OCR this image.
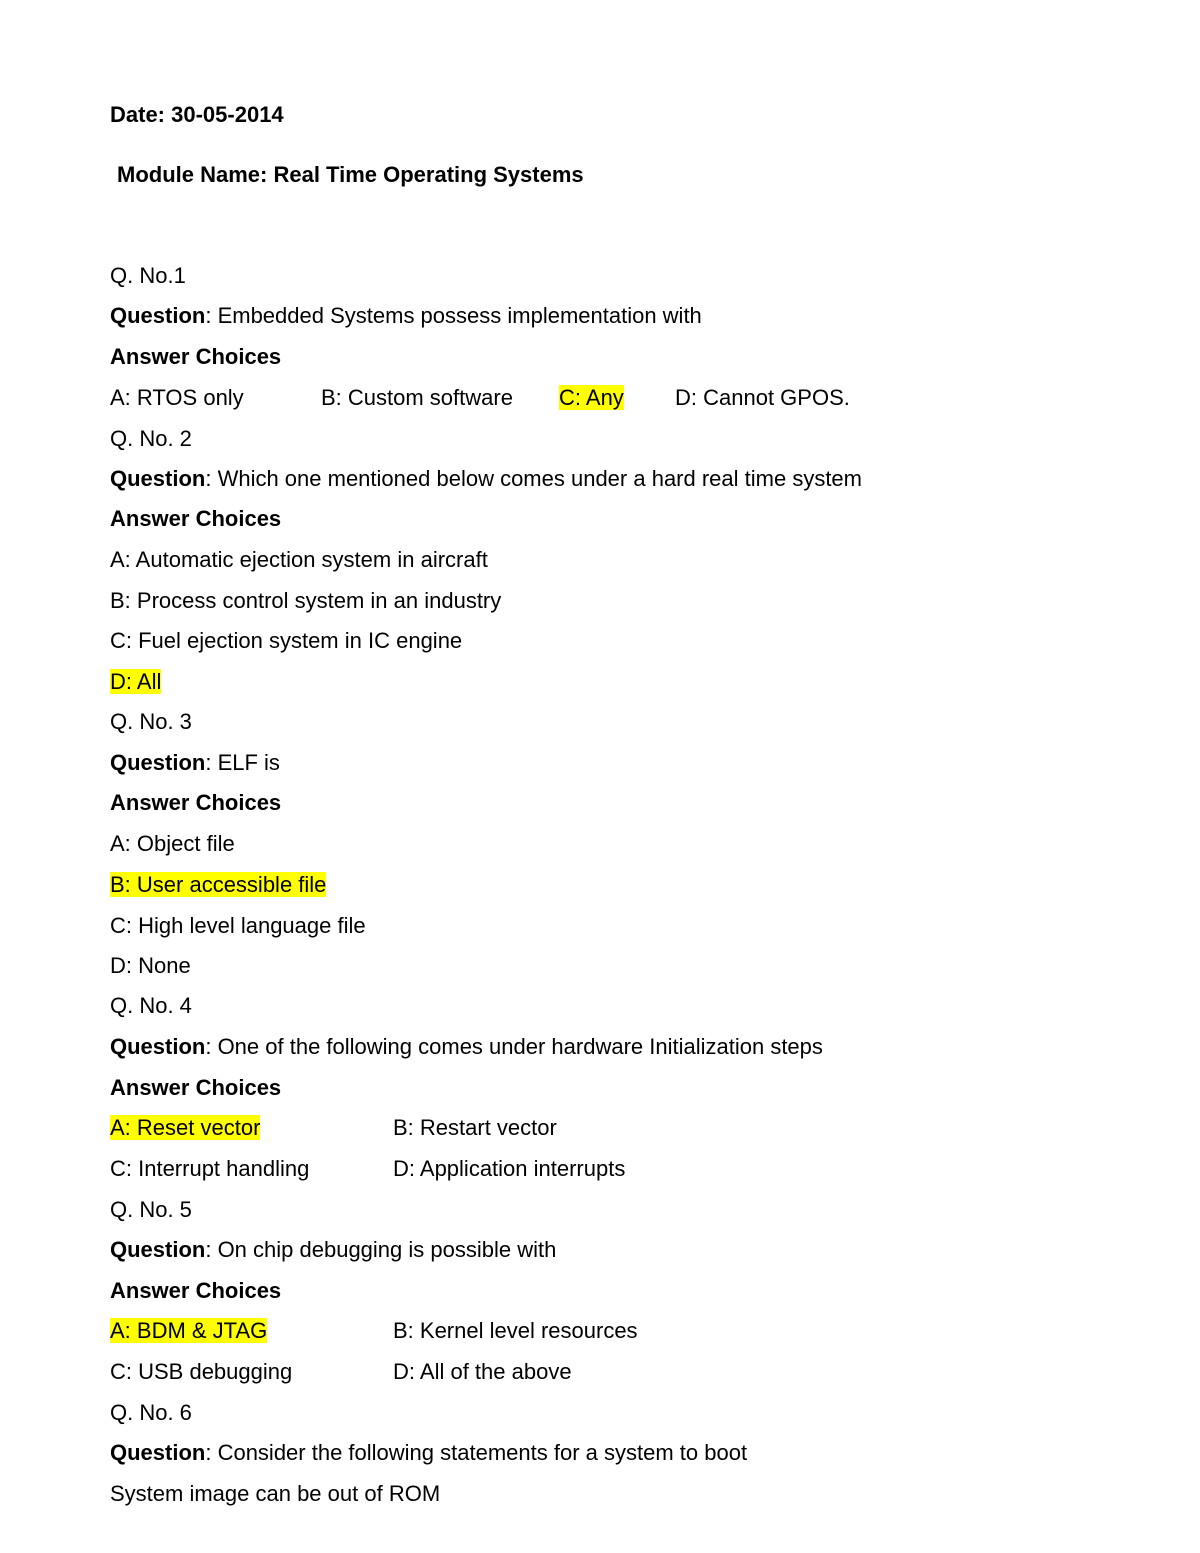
Date: 30-05-2014
Module Name: Real Time Operating Systems
Q. No.1
Question: Embedded Systems possess implementation with
Answer Choices
A: RTOS only	B: Custom software C: Any D: Cannot GPOS.
Q. No. 2
Question: Which one mentioned below comes under a hard real time system
Answer Choices
A: Automatic ejection system in aircraft
B: Process control system in an industry
C: Fuel ejection system in IC engine
D: All
Q. No. 3
Question: ELF is
Answer Choices
A: Object file
B: User accessible file
C: High level language file
D: None
Q. No. 4
Question: One of the following comes under hardware Initialization steps
Answer Choices
A: Reset vector	B: Restart vector
C: Interrupt handling	D: Application interrupts
Q. No. 5
Question: On chip debugging is possible with
Answer Choices
A: BDM & JTAG	B: Kernel level resources
C: USB debugging	D: All of the above
Q. No. 6
Question: Consider the following statements for a system to boot
System image can be out of ROM
